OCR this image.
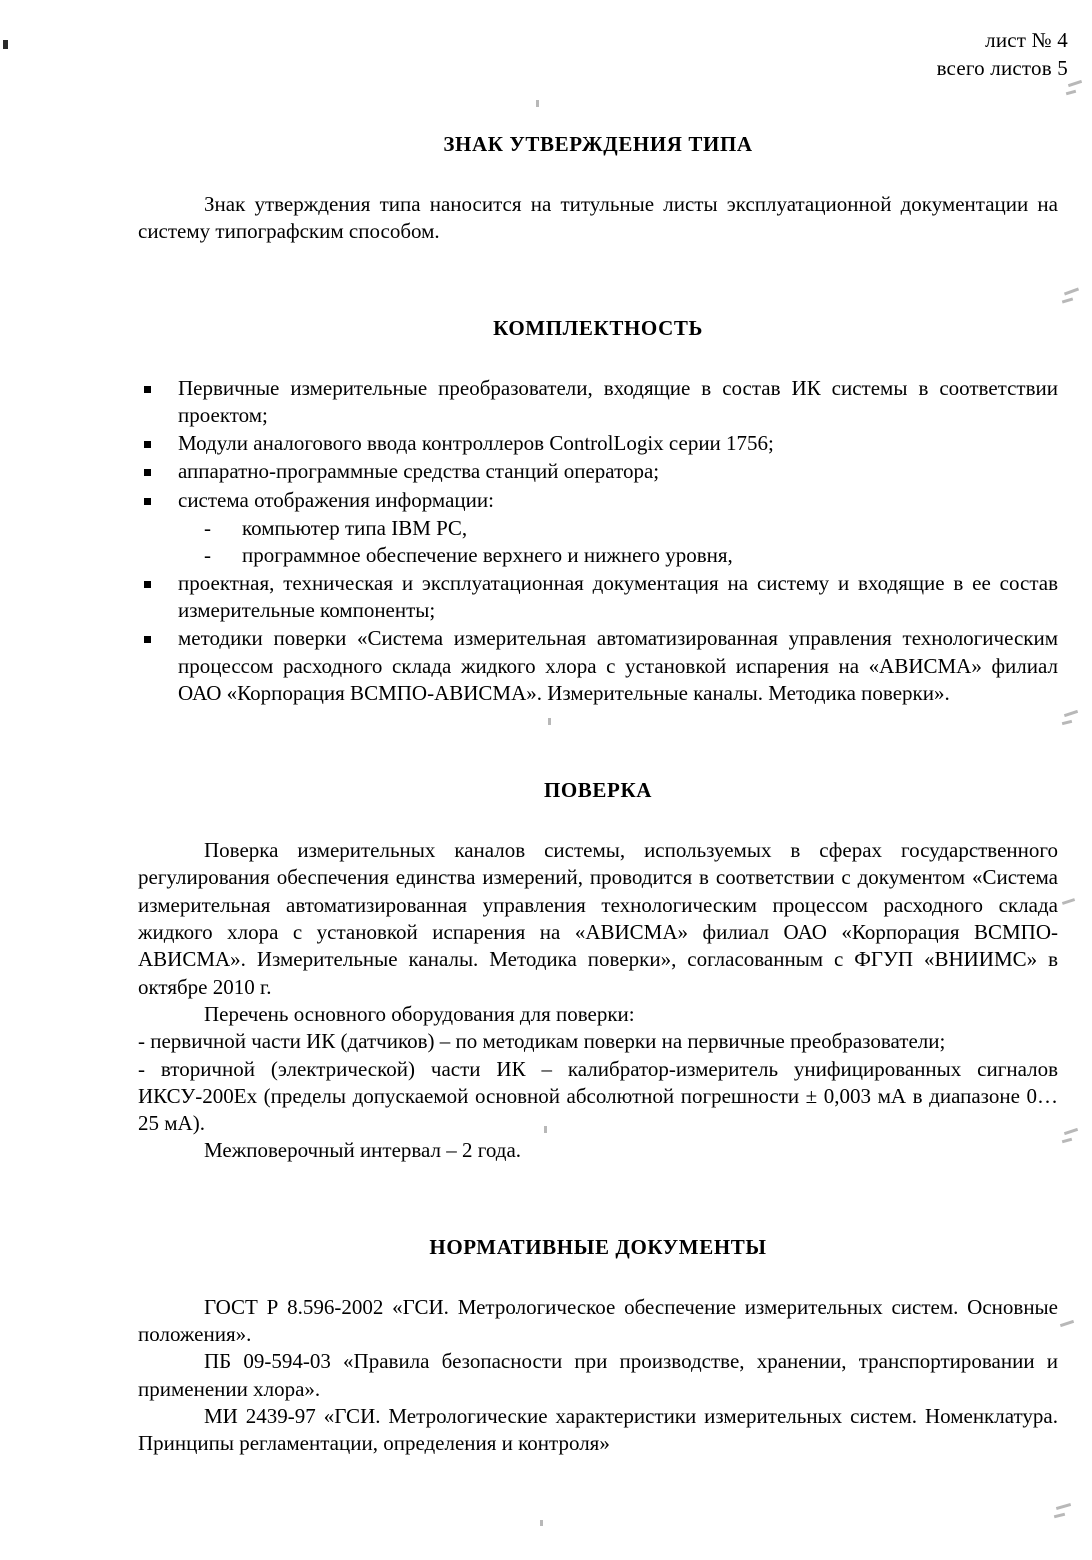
лист № 4
всего листов 5
ЗНАК УТВЕРЖДЕНИЯ ТИПА

Знак утверждения типа наносится на титульные листы эксплуатационной документации на систему типографским способом.

КОМПЛЕКТНОСТЬ
Первичные измерительные преобразователи, входящие в состав ИК системы в соответствии проектом;
Модули аналогового ввода контроллеров ControlLogix серии 1756;
аппаратно-программные средства станций оператора;
система отображения информации:
- компьютер типа IBM PC,
- программное обеспечение верхнего и нижнего уровня,
проектная, техническая и эксплуатационная документация на систему и входящие в ее состав измерительные компоненты;
методики поверки «Система измерительная автоматизированная управления технологическим процессом расходного склада жидкого хлора с установкой испарения на «АВИСМА» филиал ОАО «Корпорация ВСМПО-АВИСМА». Измерительные каналы. Методика поверки».
ПОВЕРКА

Поверка измерительных каналов системы, используемых в сферах государственного регулирования обеспечения единства измерений, проводится в соответствии с документом «Система измерительная автоматизированная управления технологическим процессом расходного склада жидкого хлора с установкой испарения на «АВИСМА» филиал ОАО «Корпорация ВСМПО-АВИСМА». Измерительные каналы. Методика поверки», согласованным с ФГУП «ВНИИМС» в октябре 2010 г.

Перечень основного оборудования для поверки:

- первичной части ИК (датчиков) – по методикам поверки на первичные преобразователи;

- вторичной (электрической) части ИК – калибратор-измеритель унифицированных сигналов ИКСУ-200Ex (пределы допускаемой основной абсолютной погрешности ± 0,003 мА в диапазоне 0…25 мА).

Межповерочный интервал – 2 года.

НОРМАТИВНЫЕ ДОКУМЕНТЫ

ГОСТ Р 8.596-2002 «ГСИ. Метрологическое обеспечение измерительных систем. Основные положения».

ПБ 09-594-03 «Правила безопасности при производстве, хранении, транспортировании и применении хлора».

МИ 2439-97 «ГСИ. Метрологические характеристики измерительных систем. Номенклатура. Принципы регламентации, определения и контроля»
